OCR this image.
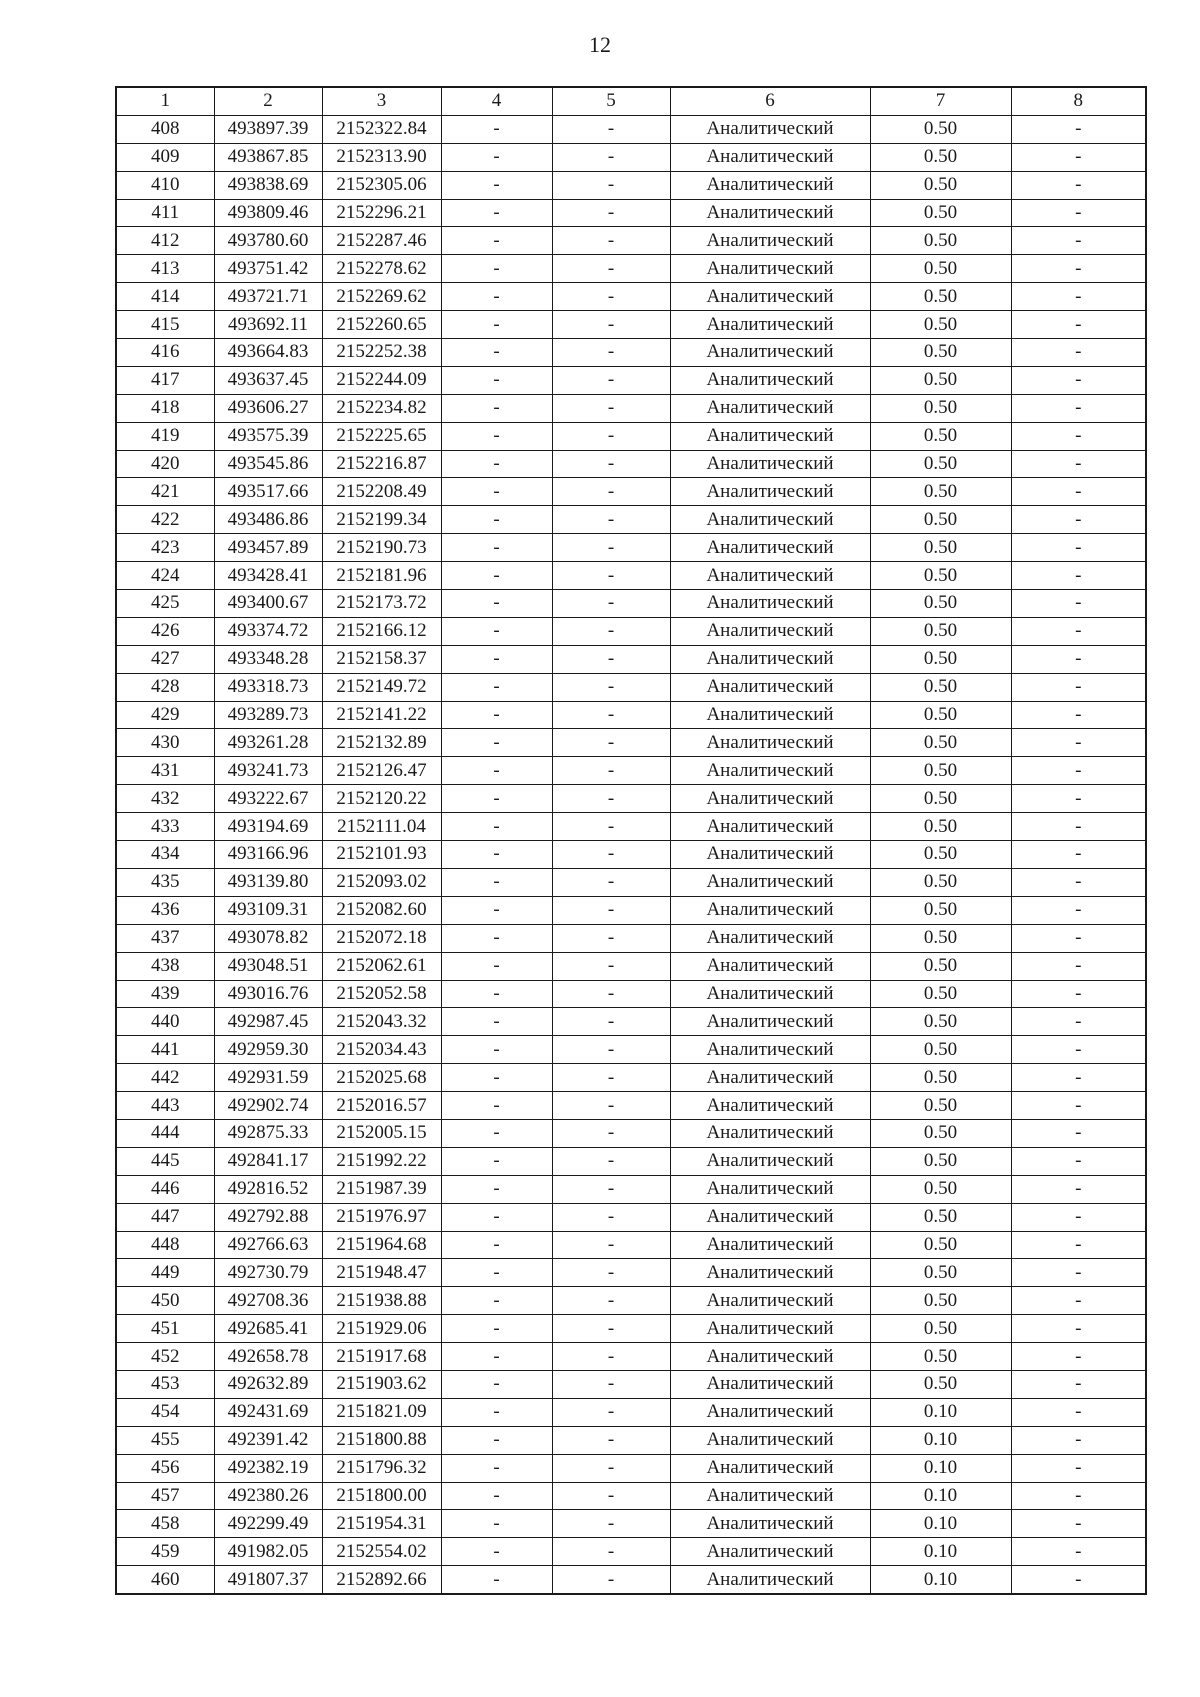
12
1	2	3	4	5	6	7	8
408	493897.39	2152322.84	-	-	Аналитический	0.50	-
409	493867.85	2152313.90	-	-	Аналитический	0.50	-
410	493838.69	2152305.06	-	-	Аналитический	0.50	-
411	493809.46	2152296.21	-	-	Аналитический	0.50	-
412	493780.60	2152287.46	-	-	Аналитический	0.50	-
413	493751.42	2152278.62	-	-	Аналитический	0.50	-
414	493721.71	2152269.62	-	-	Аналитический	0.50	-
415	493692.11	2152260.65	-	-	Аналитический	0.50	-
416	493664.83	2152252.38	-	-	Аналитический	0.50	-
417	493637.45	2152244.09	-	-	Аналитический	0.50	-
418	493606.27	2152234.82	-	-	Аналитический	0.50	-
419	493575.39	2152225.65	-	-	Аналитический	0.50	-
420	493545.86	2152216.87	-	-	Аналитический	0.50	-
421	493517.66	2152208.49	-	-	Аналитический	0.50	-
422	493486.86	2152199.34	-	-	Аналитический	0.50	-
423	493457.89	2152190.73	-	-	Аналитический	0.50	-
424	493428.41	2152181.96	-	-	Аналитический	0.50	-
425	493400.67	2152173.72	-	-	Аналитический	0.50	-
426	493374.72	2152166.12	-	-	Аналитический	0.50	-
427	493348.28	2152158.37	-	-	Аналитический	0.50	-
428	493318.73	2152149.72	-	-	Аналитический	0.50	-
429	493289.73	2152141.22	-	-	Аналитический	0.50	-
430	493261.28	2152132.89	-	-	Аналитический	0.50	-
431	493241.73	2152126.47	-	-	Аналитический	0.50	-
432	493222.67	2152120.22	-	-	Аналитический	0.50	-
433	493194.69	2152111.04	-	-	Аналитический	0.50	-
434	493166.96	2152101.93	-	-	Аналитический	0.50	-
435	493139.80	2152093.02	-	-	Аналитический	0.50	-
436	493109.31	2152082.60	-	-	Аналитический	0.50	-
437	493078.82	2152072.18	-	-	Аналитический	0.50	-
438	493048.51	2152062.61	-	-	Аналитический	0.50	-
439	493016.76	2152052.58	-	-	Аналитический	0.50	-
440	492987.45	2152043.32	-	-	Аналитический	0.50	-
441	492959.30	2152034.43	-	-	Аналитический	0.50	-
442	492931.59	2152025.68	-	-	Аналитический	0.50	-
443	492902.74	2152016.57	-	-	Аналитический	0.50	-
444	492875.33	2152005.15	-	-	Аналитический	0.50	-
445	492841.17	2151992.22	-	-	Аналитический	0.50	-
446	492816.52	2151987.39	-	-	Аналитический	0.50	-
447	492792.88	2151976.97	-	-	Аналитический	0.50	-
448	492766.63	2151964.68	-	-	Аналитический	0.50	-
449	492730.79	2151948.47	-	-	Аналитический	0.50	-
450	492708.36	2151938.88	-	-	Аналитический	0.50	-
451	492685.41	2151929.06	-	-	Аналитический	0.50	-
452	492658.78	2151917.68	-	-	Аналитический	0.50	-
453	492632.89	2151903.62	-	-	Аналитический	0.50	-
454	492431.69	2151821.09	-	-	Аналитический	0.10	-
455	492391.42	2151800.88	-	-	Аналитический	0.10	-
456	492382.19	2151796.32	-	-	Аналитический	0.10	-
457	492380.26	2151800.00	-	-	Аналитический	0.10	-
458	492299.49	2151954.31	-	-	Аналитический	0.10	-
459	491982.05	2152554.02	-	-	Аналитический	0.10	-
460	491807.37	2152892.66	-	-	Аналитический	0.10	-
